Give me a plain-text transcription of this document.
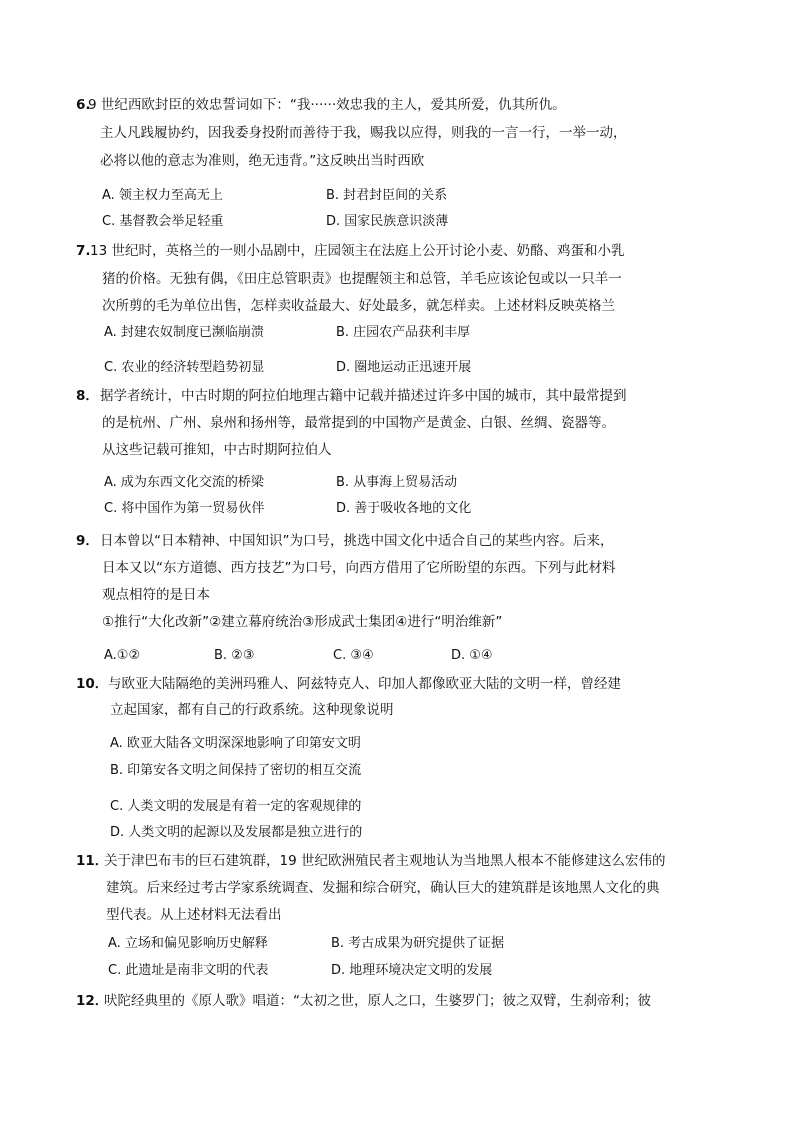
6.
9 世纪西欧封臣的效忠誓词如下：“我······效忠我的主人，爱其所爱，仇其所仇。
主人凡践履协约，因我委身投附而善待于我，赐我以应得，则我的一言一行，一举一动，
必将以他的意志为准则，绝无违背。”这反映出当时西欧
A. 领主权力至高无上	B. 封君封臣间的关系
C. 基督教会举足轻重	D. 国家民族意识淡薄
7. 13 世纪时，英格兰的一则小品剧中，庄园领主在法庭上公开讨论小麦、奶酪、鸡蛋和小乳
猪的价格。无独有偶，《田庄总管职责》也提醒领主和总管，羊毛应该论包或以一只羊一
次所剪的毛为单位出售，怎样卖收益最大、好处最多，就怎样卖。上述材料反映英格兰
A. 封建农奴制度已濒临崩溃	B. 庄园农产品获利丰厚
C. 农业的经济转型趋势初显	D. 圈地运动正迅速开展
8． 据学者统计，中古时期的阿拉伯地理古籍中记载并描述过许多中国的城市，其中最常提到
的是杭州、广州、泉州和扬州等，最常提到的中国物产是黄金、白银、丝绸、瓷器等。
从这些记载可推知，中古时期阿拉伯人
A. 成为东西文化交流的桥梁	B. 从事海上贸易活动
C. 将中国作为第一贸易伙伴	D. 善于吸收各地的文化
9． 日本曾以“日本精神、中国知识”为口号，挑选中国文化中适合自己的某些内容。后来，
日本又以“东方道德、西方技艺”为口号，向西方借用了它所盼望的东西。下列与此材料
观点相符的是日本
①推行“大化改新”②建立幕府统治③形成武士集团④进行“明治维新”
A.①②	B. ②③	C. ③④	D. ①④
10． 与欧亚大陆隔绝的美洲玛雅人、阿兹特克人、印加人都像欧亚大陆的文明一样，曾经建
立起国家，都有自己的行政系统。这种现象说明
A. 欧亚大陆各文明深深地影响了印第安文明
B. 印第安各文明之间保持了密切的相互交流
C. 人类文明的发展是有着一定的客观规律的
D. 人类文明的起源以及发展都是独立进行的
11．
关于津巴布韦的巨石建筑群，19 世纪欧洲殖民者主观地认为当地黑人根本不能修建这么宏伟的
建筑。后来经过考古学家系统调查、发掘和综合研究，确认巨大的建筑群是该地黑人文化的典
型代表。从上述材料无法看出
A. 立场和偏见影响历史解释	B. 考古成果为研究提供了证据
C. 此遗址是南非文明的代表	D. 地理环境决定文明的发展
12．
吠陀经典里的《原人歌》唱道：“太初之世，原人之口，生婆罗门；彼之双臂，生刹帝利；彼
